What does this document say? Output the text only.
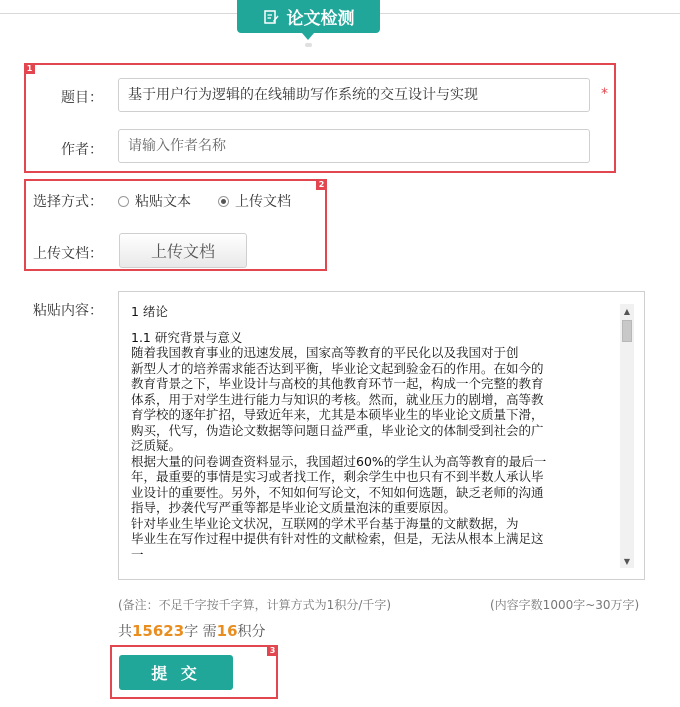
论文检测
1
2
3
题目：	基于用户行为逻辑的在线辅助写作系统的交互设计与实现	*
作者：	请输入作者名称
选择方式： 粘贴文本	上传文档
上传文档：	上传文档
粘贴内容： 1 绪论
1.1 研究背景与意义
随着我国教育事业的迅速发展，国家高等教育的平民化以及我国对于创
新型人才的培养需求能否达到平衡，毕业论文起到验金石的作用。在如今的
教育背景之下，毕业设计与高校的其他教育环节一起，构成一个完整的教育
体系，用于对学生进行能力与知识的考核。然而，就业压力的剧增，高等教
育学校的逐年扩招，导致近年来，尤其是本硕毕业生的毕业论文质量下滑，
购买，代写，伪造论文数据等问题日益严重，毕业论文的体制受到社会的广
泛质疑。
根据大量的问卷调查资料显示，我国超过60%的学生认为高等教育的最后一
年，最重要的事情是实习或者找工作，剩余学生中也只有不到半数人承认毕
业设计的重要性。另外，不知如何写论文，不知如何选题，缺乏老师的沟通
指导，抄袭代写严重等都是毕业论文质量泡沫的重要原因。
针对毕业生毕业论文状况，互联网的学术平台基于海量的文献数据，为
毕业生在写作过程中提供有针对性的文献检索，但是，无法从根本上满足这
一
▲
▼
(备注：不足千字按千字算，计算方式为1积分/千字)	(内容字数1000字~30万字)
共15623字 需16积分
提 交
